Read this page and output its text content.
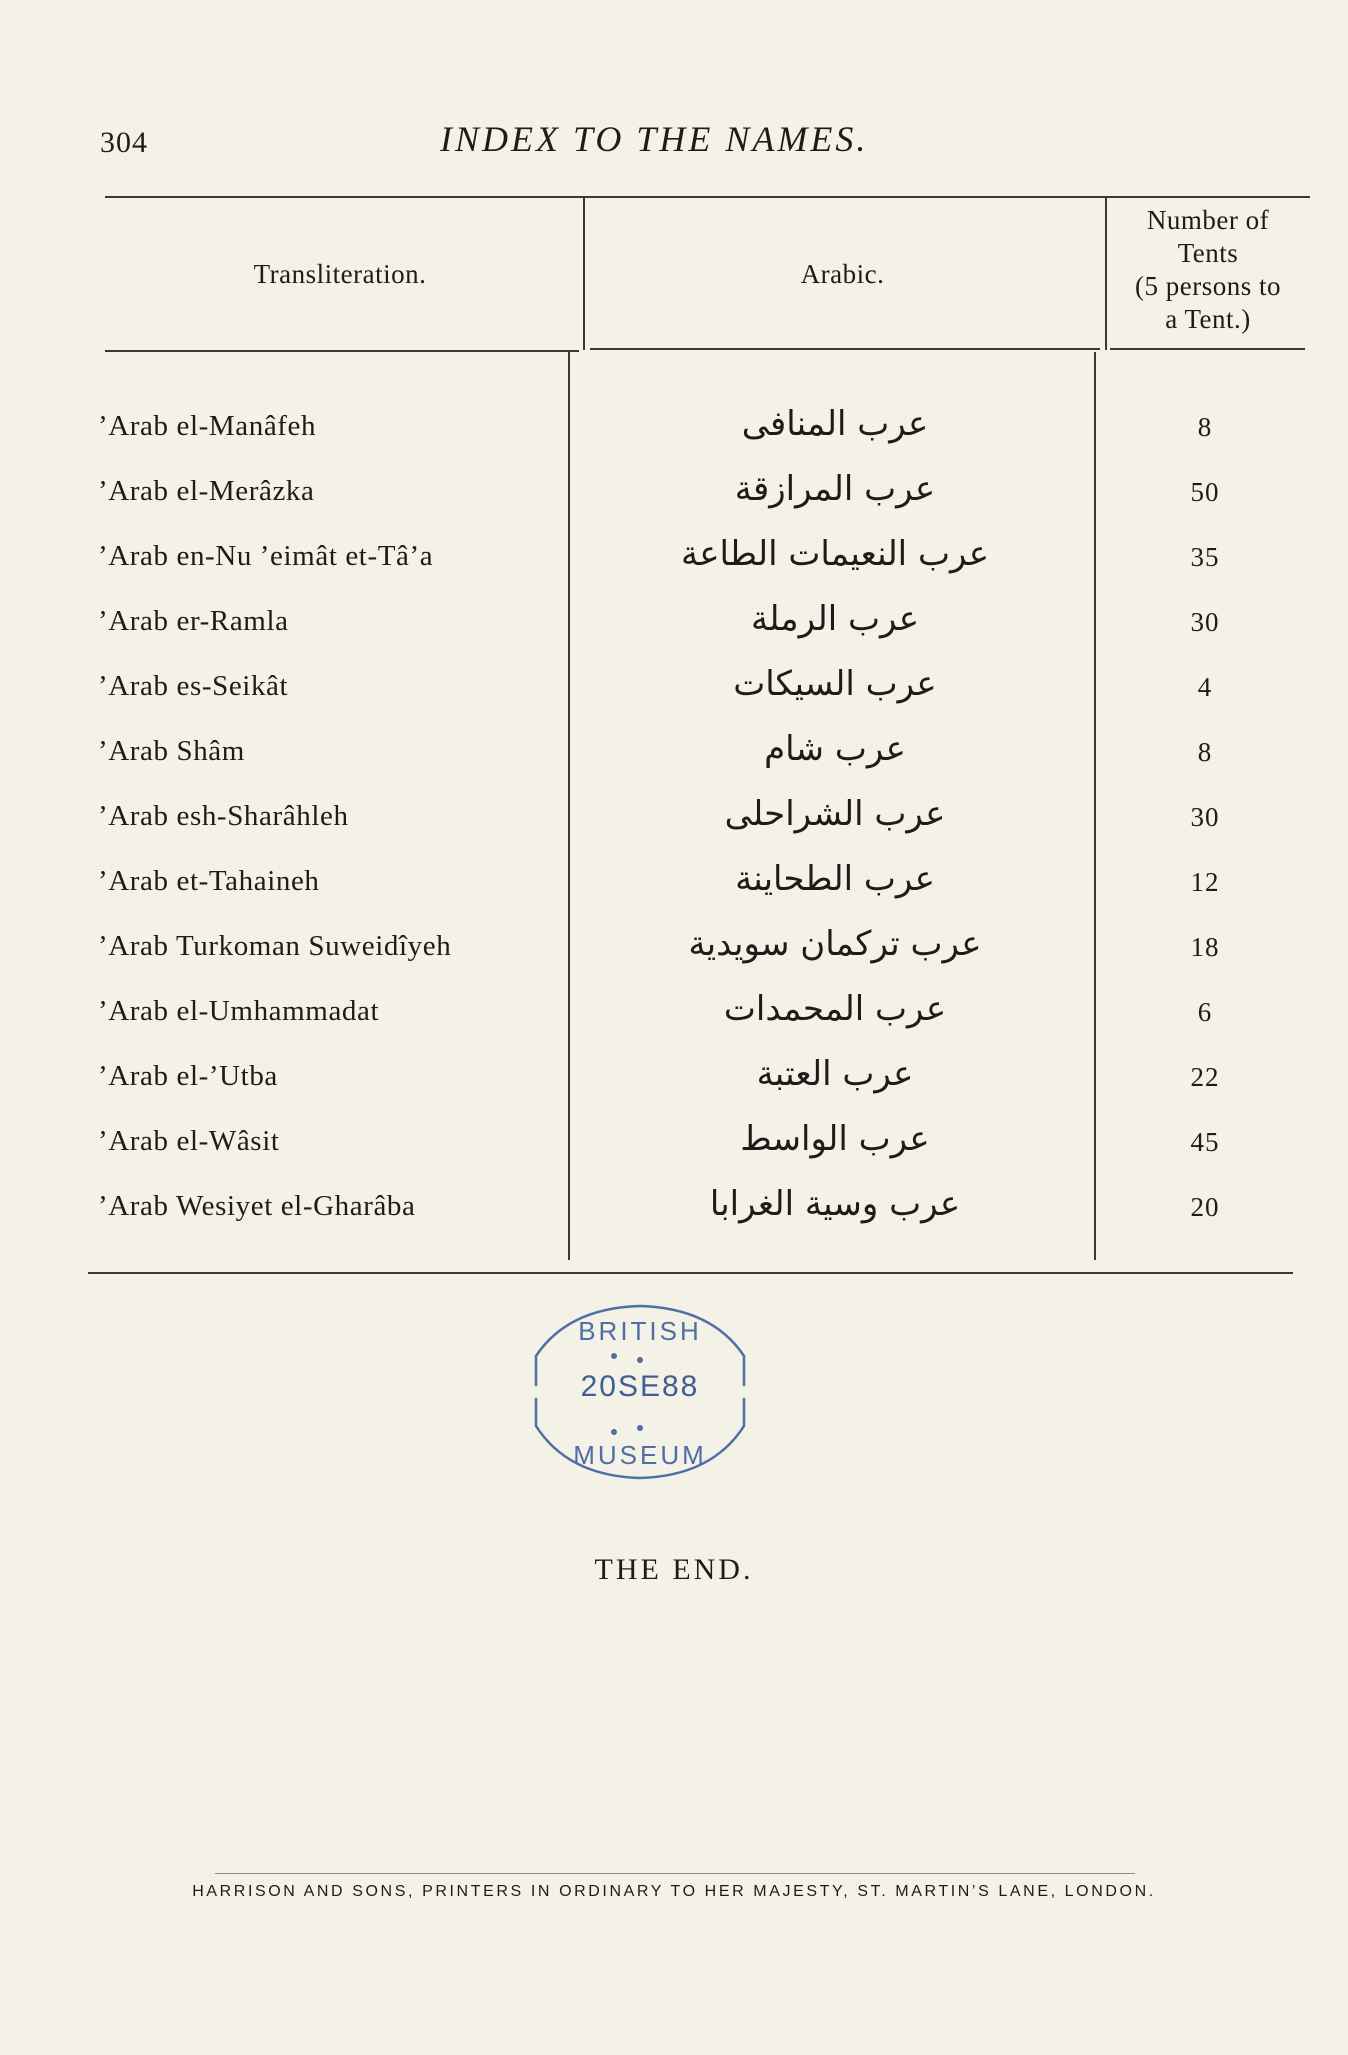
304	INDEX TO THE NAMES.
Transliteration.	Arabic.
Number of
Tents
(5 persons to
a Tent.)
’Arab el-Manâfeh	عرب المنافى	8
’Arab el-Merâzka	عرب المرازقة	50
’Arab en-Nu ’eimât et-Tâ’a	عرب النعيمات الطاعة	35
’Arab er-Ramla	عرب الرملة	30
’Arab es-Seikât	عرب السيكات	4
’Arab Shâm	عرب شام	8
’Arab esh-Sharâhleh	عرب الشراحلى	30
’Arab et-Tahaineh	عرب الطحاينة	12
’Arab Turkoman Suweidîyeh	عرب تركمان سويدية	18
’Arab el-Umhammadat	عرب المحمدات	6
’Arab el-’Utba	عرب العتبة	22
’Arab el-Wâsit	عرب الواسط	45
’Arab Wesiyet el-Gharâba	عرب وسية الغرابا	20
BRITISH
MUSEUM
20SE88
THE END.
HARRISON AND SONS, PRINTERS IN ORDINARY TO HER MAJESTY, ST. MARTIN’S LANE, LONDON.
